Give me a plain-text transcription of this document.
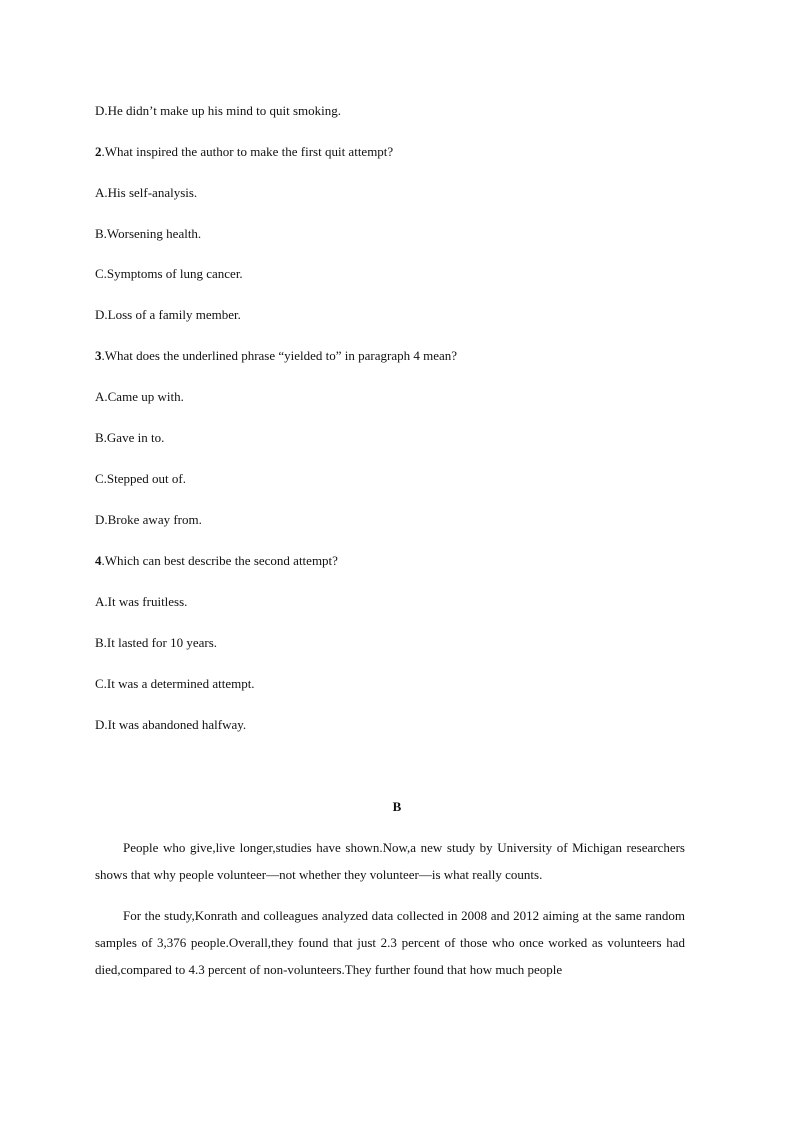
D.He didn’t make up his mind to quit smoking.
2.What inspired the author to make the first quit attempt?
A.His self-analysis.
B.Worsening health.
C.Symptoms of lung cancer.
D.Loss of a family member.
3.What does the underlined phrase “yielded to” in paragraph 4 mean?
A.Came up with.
B.Gave in to.
C.Stepped out of.
D.Broke away from.
4.Which can best describe the second attempt?
A.It was fruitless.
B.It lasted for 10 years.
C.It was a determined attempt.
D.It was abandoned halfway.
B

People who give,live longer,studies have shown.Now,a new study by University of Michigan researchers shows that why people volunteer—not whether they volunteer—is what really counts.

For the study,Konrath and colleagues analyzed data collected in 2008 and 2012 aiming at the same random samples of 3,376 people.Overall,they found that just 2.3 percent of those who once worked as volunteers had died,compared to 4.3 percent of non-volunteers.They further found that how much people
